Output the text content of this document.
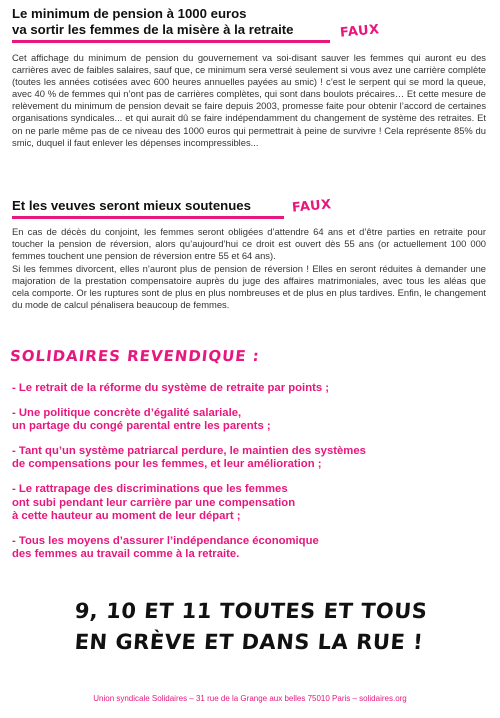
Le minimum de pension à 1000 euros
va sortir les femmes de la misère à la retraite	FAUX

Cet affichage du minimum de pension du gouvernement va soi-disant sauver les femmes qui auront eu des carrières avec de faibles salaires, sauf que, ce minimum sera versé seulement si vous avez une carrière complète (toutes les années cotisées avec 600 heures annuelles payées au smic) ! c’est le serpent qui se mord la queue, avec 40 % de femmes qui n’ont pas de carrières complètes, qui sont dans boulots précaires… Et cette mesure de relèvement du minimum de pension devait se faire depuis 2003, promesse faite pour obtenir l’accord de certaines organisations syndicales... et qui aurait dû se faire indépendamment du changement de système des retraites. Et on ne parle même pas de ce niveau des 1000 euros qui permettrait à peine de survivre ! Cela représente 85% du smic, duquel il faut enlever les dépenses incompressibles...

Et les veuves seront mieux soutenues	FAUX

En cas de décès du conjoint, les femmes seront obligées d’attendre 64 ans et d’être parties en retraite pour toucher la pension de réversion, alors qu’aujourd’hui ce droit est ouvert dès 55 ans (or actuellement 100 000 femmes touchent une pension de réversion entre 55 et 64 ans).

Si les femmes divorcent, elles n’auront plus de pension de réversion ! Elles en seront réduites à demander une majoration de la prestation compensatoire auprès du juge des affaires matrimoniales, avec tous les aléas que cela comporte. Or les ruptures sont de plus en plus nombreuses et de plus en plus tardives. Enfin, le changement du mode de calcul pénalisera beaucoup de femmes.

SOLIDAIRES REVENDIQUE :
- Le retrait de la réforme du système de retraite par points ;
- Une politique concrète d’égalité salariale,
un partage du congé parental entre les parents ;
- Tant qu’un système patriarcal perdure, le maintien des systèmes
de compensations pour les femmes, et leur amélioration ;
- Le rattrapage des discriminations que les femmes
ont subi pendant leur carrière par une compensation
à cette hauteur au moment de leur départ ;
- Tous les moyens d’assurer l’indépendance économique
des femmes au travail comme à la retraite.
9, 10 ET 11 TOUTES ET TOUS
EN GRÈVE ET DANS LA RUE !
Union syndicale Solidaires – 31 rue de la Grange aux belles 75010 Paris – solidaires.org
